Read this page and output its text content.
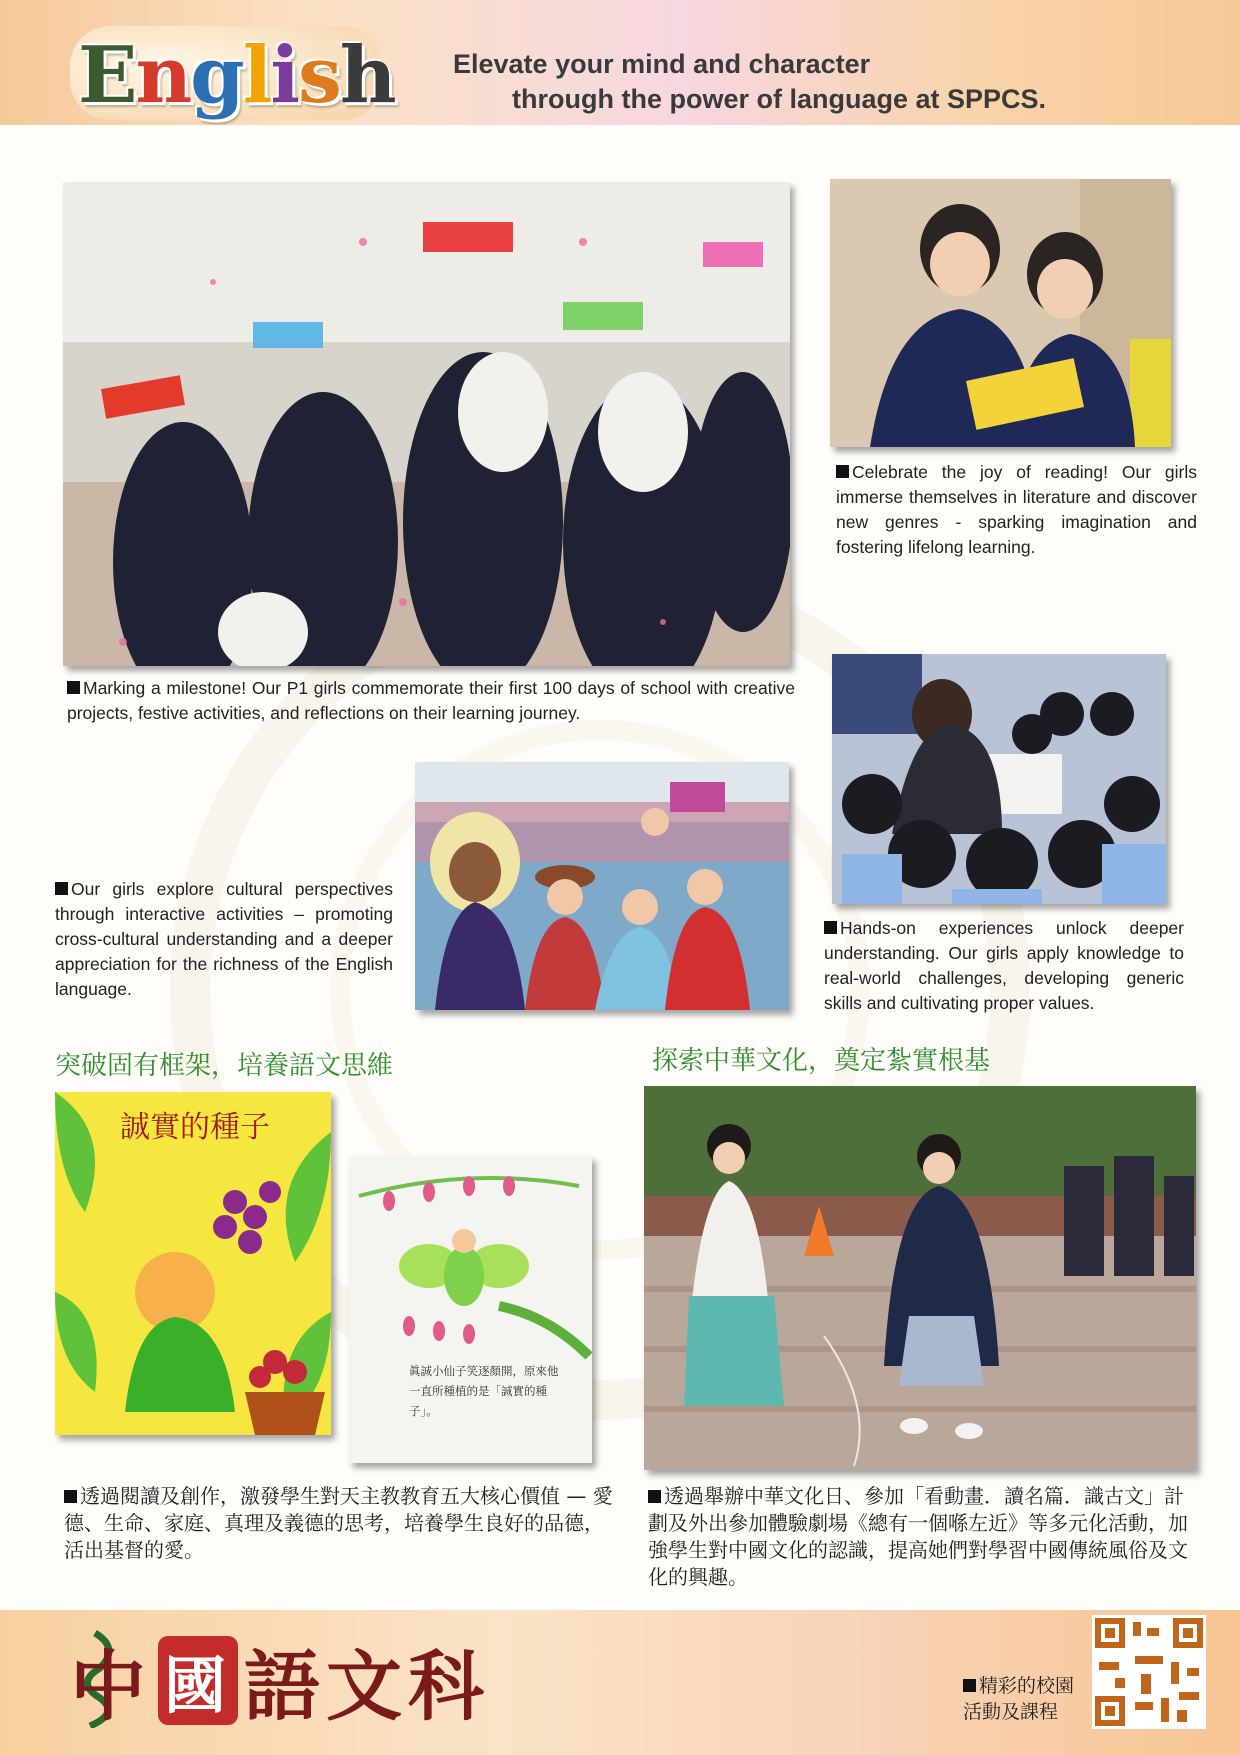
English Elevate your mind and character
through the power of language at SPPCS.
Marking a milestone! Our P1 girls commemorate their first 100 days of school with creative projects, festive activities, and reflections on their learning journey.
Celebrate the joy of reading! Our girls immerse themselves in literature and discover new genres - sparking imagination and fostering lifelong learning.
Hands-on experiences unlock deeper understanding. Our girls apply knowledge to real-world challenges, developing generic skills and cultivating proper values.
Our girls explore cultural perspectives through interactive activities – promoting cross-cultural understanding and a deeper appreciation for the richness of the English language.
突破固有框架，培養語文思維	探索中華文化，奠定紮實根基
誠實的種子
眞誠小仙子笑逐顏開，原來他一直所種植的是「誠實的種子」。
透過閱讀及創作，激發學生對天主教教育五大核心價值 — 愛德、生命、家庭、真理及義德的思考，培養學生良好的品德，活出基督的愛。
透過舉辦中華文化日、參加「看動畫．讀名篇．識古文」計劃及外出參加體驗劇場《總有一個喺左近》等多元化活動，加強學生對中國文化的認識，提高她們對學習中國傳統風俗及文化的興趣。
中 國 語文科	精彩的校園
活動及課程
